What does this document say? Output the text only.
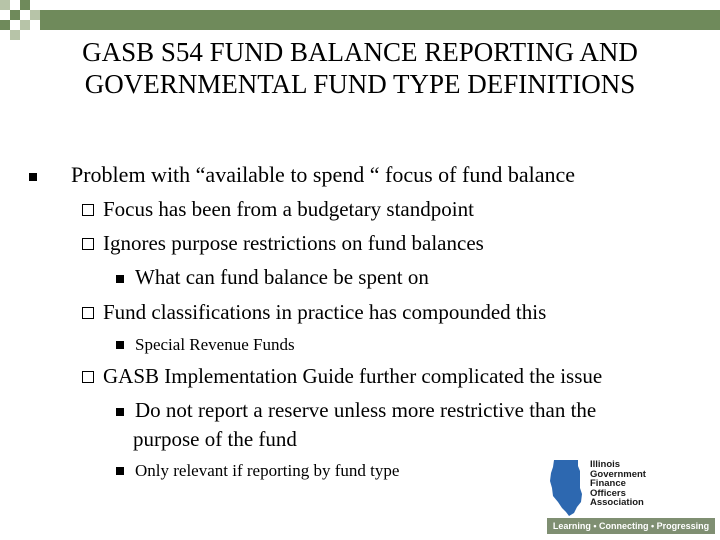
GASB S54 FUND BALANCE REPORTING AND
GOVERNMENTAL FUND TYPE DEFINITIONS
Problem with “available to spend “ focus of fund balance
Focus has been from a budgetary standpoint
Ignores purpose restrictions on fund balances
What can fund balance be spent on
Fund classifications in practice has compounded this
Special Revenue Funds
GASB Implementation Guide further complicated the issue
Do not report a reserve unless more restrictive than the
purpose of the fund
Only relevant if reporting by fund type	Illinois
Government
Finance
Officers
Association
Learning • Connecting • Progressing
